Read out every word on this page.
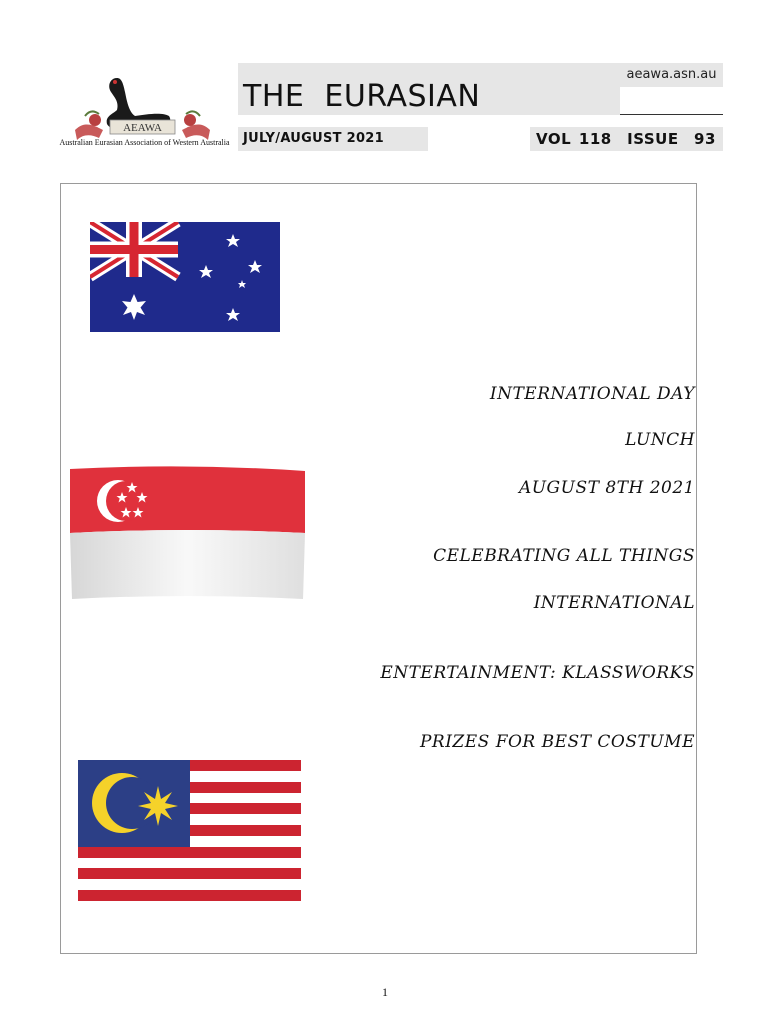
AEAWA
Australian Eurasian Association of Western Australia
THE  EURASIAN
aeawa.asn.au
JULY/AUGUST 2021	VOL 118  ISSUE  93
INTERNATIONAL DAY
LUNCH
AUGUST 8TH 2021
CELEBRATING ALL THINGS
INTERNATIONAL
ENTERTAINMENT: KLASSWORKS
PRIZES FOR BEST COSTUME
1
